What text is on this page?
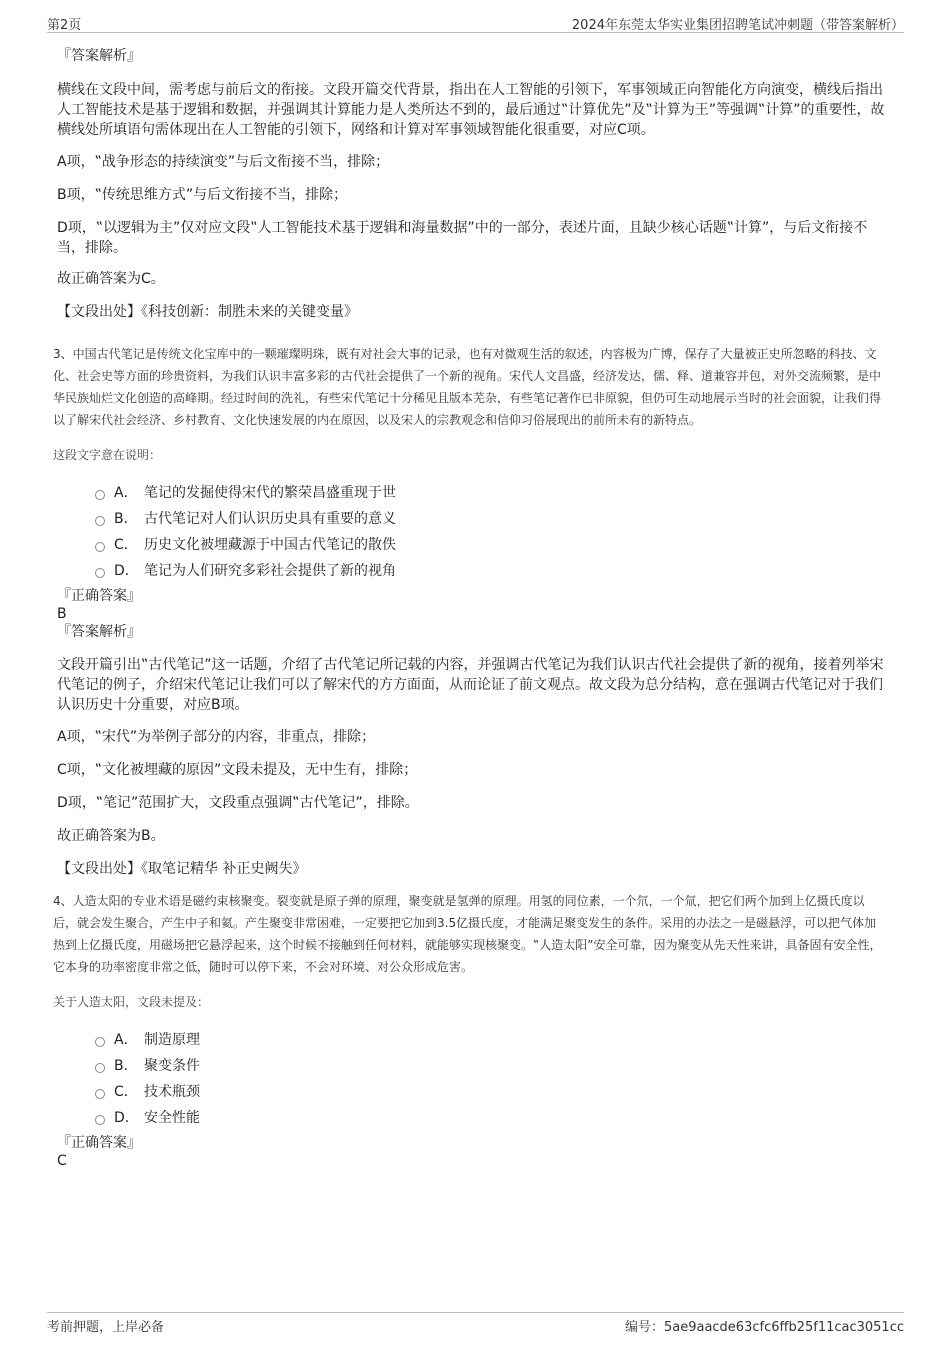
第2页	2024年东莞太华实业集团招聘笔试冲刺题（带答案解析）

『答案解析』

横线在文段中间，需考虑与前后文的衔接。文段开篇交代背景，指出在人工智能的引领下，军事领域正向智能化方向演变，横线后指出人工智能技术是基于逻辑和数据，并强调其计算能力是人类所达不到的，最后通过‟计算优先”及‟计算为王”等强调‟计算”的重要性，故横线处所填语句需体现出在人工智能的引领下，网络和计算对军事领域智能化很重要，对应C项。

A项，‟战争形态的持续演变”与后文衔接不当，排除；

B项，‟传统思维方式”与后文衔接不当，排除；

D项，‟以逻辑为主”仅对应文段‟人工智能技术基于逻辑和海量数据”中的一部分，表述片面，且缺少核心话题‟计算”，与后文衔接不当，排除。

故正确答案为C。

【文段出处】《科技创新：制胜未来的关键变量》

3、中国古代笔记是传统文化宝库中的一颗璀璨明珠，既有对社会大事的记录，也有对微观生活的叙述，内容极为广博，保存了大量被正史所忽略的科技、文化、社会史等方面的珍贵资料，为我们认识丰富多彩的古代社会提供了一个新的视角。宋代人文昌盛，经济发达，儒、释、道兼容并包，对外交流频繁，是中华民族灿烂文化创造的高峰期。经过时间的洗礼，有些宋代笔记十分稀见且版本芜杂，有些笔记著作已非原貌，但仍可生动地展示当时的社会面貌，让我们得以了解宋代社会经济、乡村教育、文化快速发展的内在原因，以及宋人的宗教观念和信仰习俗展现出的前所未有的新特点。

这段文字意在说明：

A． 笔记的发掘使得宋代的繁荣昌盛重现于世
B． 古代笔记对人们认识历史具有重要的意义
C． 历史文化被埋藏源于中国古代笔记的散佚
D． 笔记为人们研究多彩社会提供了新的视角

『正确答案』

B

『答案解析』

文段开篇引出‟古代笔记”这一话题，介绍了古代笔记所记载的内容，并强调古代笔记为我们认识古代社会提供了新的视角，接着列举宋代笔记的例子，介绍宋代笔记让我们可以了解宋代的方方面面，从而论证了前文观点。故文段为总分结构，意在强调古代笔记对于我们认识历史十分重要，对应B项。

A项，‟宋代”为举例子部分的内容，非重点，排除；

C项，‟文化被埋藏的原因”文段未提及，无中生有，排除；

D项，‟笔记”范围扩大，文段重点强调‟古代笔记”，排除。

故正确答案为B。

【文段出处】《取笔记精华 补正史阙失》

4、人造太阳的专业术语是磁约束核聚变。裂变就是原子弹的原理，聚变就是氢弹的原理。用氢的同位素，一个氘，一个氚，把它们两个加到上亿摄氏度以后，就会发生聚合，产生中子和氦。产生聚变非常困难，一定要把它加到3.5亿摄氏度，才能满足聚变发生的条件。采用的办法之一是磁悬浮，可以把气体加热到上亿摄氏度，用磁场把它悬浮起来，这个时候不接触到任何材料，就能够实现核聚变。‟人造太阳”安全可靠，因为聚变从先天性来讲，具备固有安全性，它本身的功率密度非常之低，随时可以停下来，不会对环境、对公众形成危害。

关于人造太阳，文段未提及：

A． 制造原理
B． 聚变条件
C． 技术瓶颈
D． 安全性能

『正确答案』

C

考前押题，上岸必备	编号：5ae9aacde63cfc6ffb25f11cac3051cc
